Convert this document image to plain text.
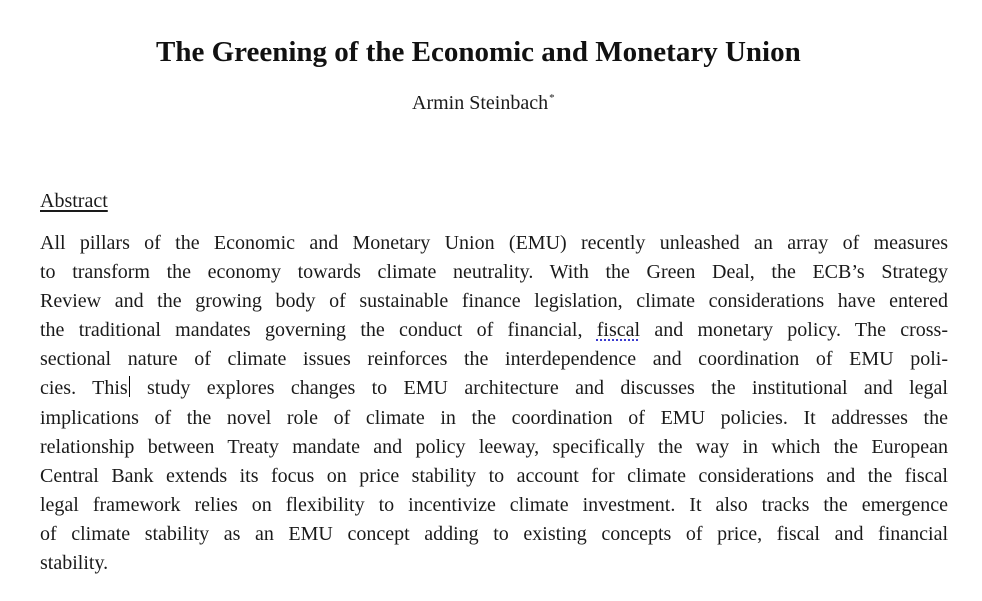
The Greening of the Economic and Monetary Union
Armin Steinbach*
Abstract
All pillars of the Economic and Monetary Union (EMU) recently unleashed an array of measures
to transform the economy towards climate neutrality. With the Green Deal, the ECB’s Strategy
Review and the growing body of sustainable finance legislation, climate considerations have entered
the traditional mandates governing the conduct of financial, fiscal and monetary policy. The cross-
sectional nature of climate issues reinforces the interdependence and coordination of EMU poli-
cies. This study explores changes to EMU architecture and discusses the institutional and legal
implications of the novel role of climate in the coordination of EMU policies. It addresses the
relationship between Treaty mandate and policy leeway, specifically the way in which the European
Central Bank extends its focus on price stability to account for climate considerations and the fiscal
legal framework relies on flexibility to incentivize climate investment. It also tracks the emergence
of climate stability as an EMU concept adding to existing concepts of price, fiscal and financial
stability.
